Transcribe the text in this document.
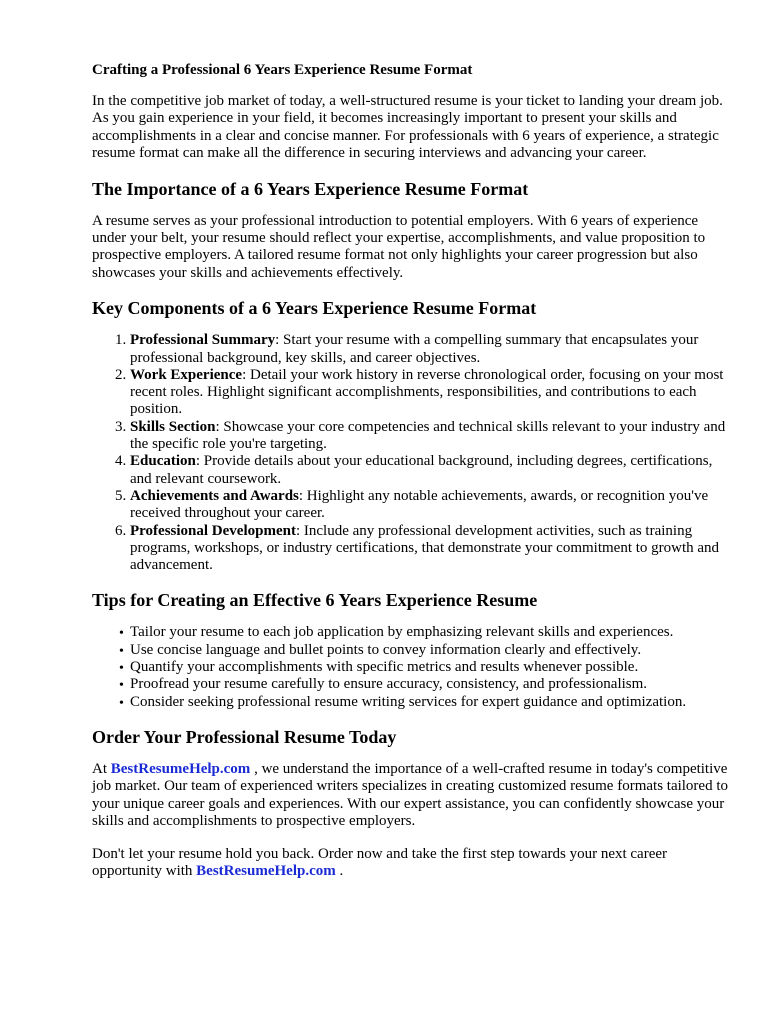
Crafting a Professional 6 Years Experience Resume Format

In the competitive job market of today, a well-structured resume is your ticket to landing your dream job. As you gain experience in your field, it becomes increasingly important to present your skills and accomplishments in a clear and concise manner. For professionals with 6 years of experience, a strategic resume format can make all the difference in securing interviews and advancing your career.

The Importance of a 6 Years Experience Resume Format

A resume serves as your professional introduction to potential employers. With 6 years of experience under your belt, your resume should reflect your expertise, accomplishments, and value proposition to prospective employers. A tailored resume format not only highlights your career progression but also showcases your skills and achievements effectively.

Key Components of a 6 Years Experience Resume Format
1. Professional Summary: Start your resume with a compelling summary that encapsulates your professional background, key skills, and career objectives.
2. Work Experience: Detail your work history in reverse chronological order, focusing on your most recent roles. Highlight significant accomplishments, responsibilities, and contributions to each position.
3. Skills Section: Showcase your core competencies and technical skills relevant to your industry and the specific role you're targeting.
4. Education: Provide details about your educational background, including degrees, certifications, and relevant coursework.
5. Achievements and Awards: Highlight any notable achievements, awards, or recognition you've received throughout your career.
6. Professional Development: Include any professional development activities, such as training programs, workshops, or industry certifications, that demonstrate your commitment to growth and advancement.
Tips for Creating an Effective 6 Years Experience Resume
• Tailor your resume to each job application by emphasizing relevant skills and experiences.
• Use concise language and bullet points to convey information clearly and effectively.
• Quantify your accomplishments with specific metrics and results whenever possible.
• Proofread your resume carefully to ensure accuracy, consistency, and professionalism.
• Consider seeking professional resume writing services for expert guidance and optimization.
Order Your Professional Resume Today

At BestResumeHelp.com , we understand the importance of a well-crafted resume in today's competitive job market. Our team of experienced writers specializes in creating customized resume formats tailored to your unique career goals and experiences. With our expert assistance, you can confidently showcase your skills and accomplishments to prospective employers.

Don't let your resume hold you back. Order now and take the first step towards your next career opportunity with BestResumeHelp.com .
